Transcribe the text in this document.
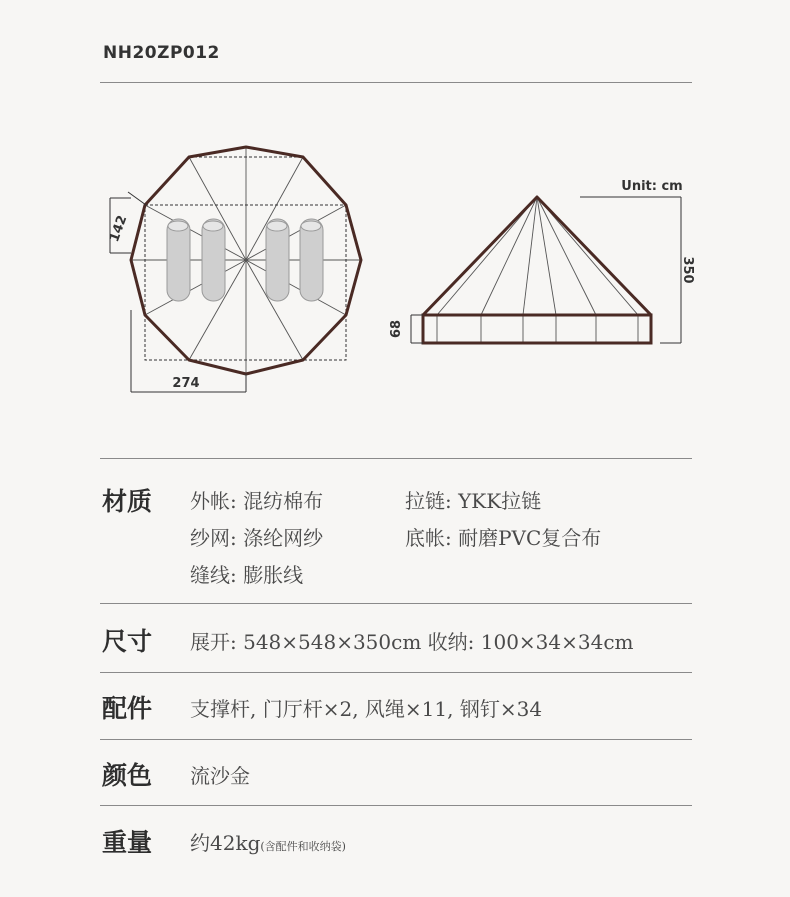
NH20ZP012
142
274
Unit: cm
350
68
材质 外帐: 混纺棉布	拉链: YKK拉链
纱网: 涤纶网纱	底帐: 耐磨PVC复合布
缝线: 膨胀线
尺寸 展开: 548×548×350cm 收纳: 100×34×34cm
配件 支撑杆, 门厅杆×2, 风绳×11, 钢钉×34
颜色 流沙金
重量 约42kg(含配件和收纳袋)
